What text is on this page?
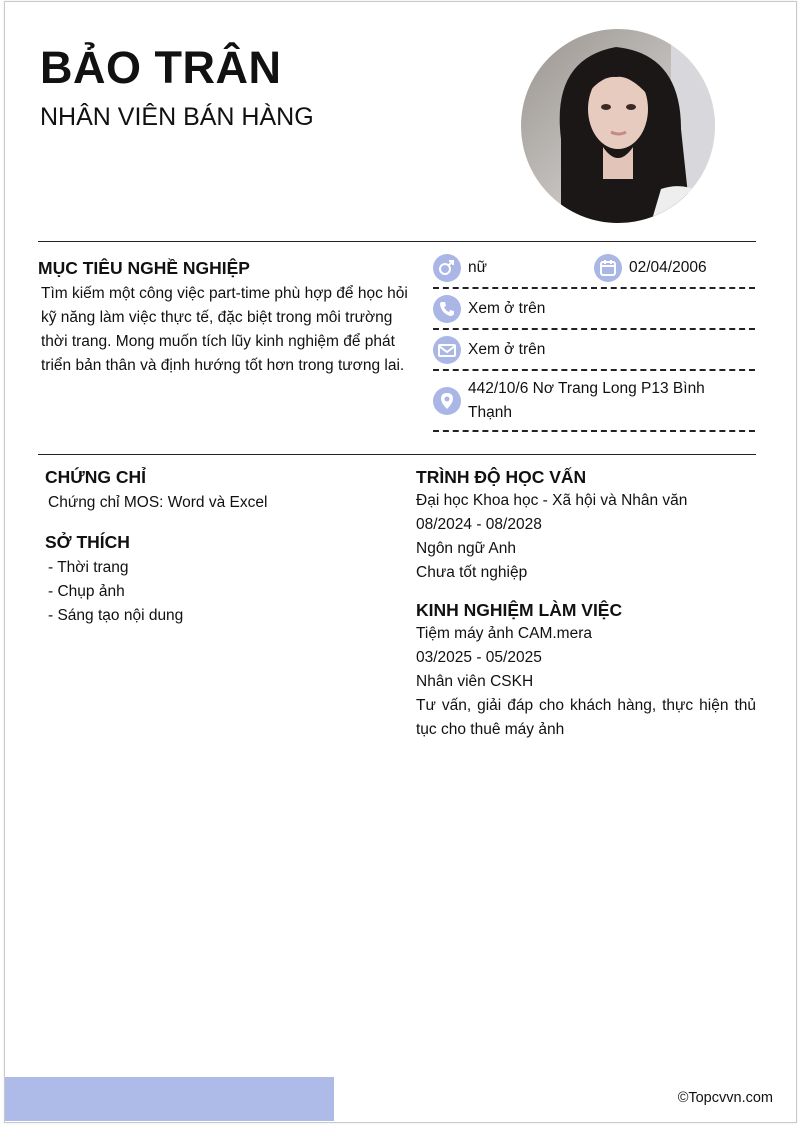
BẢO TRÂN
NHÂN VIÊN BÁN HÀNG
MỤC TIÊU NGHỀ NGHIỆP
Tìm kiếm một công việc part-time phù hợp để học hỏi kỹ năng làm việc thực tế, đặc biệt trong môi trường thời trang. Mong muốn tích lũy kinh nghiệm để phát triển bản thân và định hướng tốt hơn trong tương lai.
nữ	02/04/2006
Xem ở trên
Xem ở trên
442/10/6 Nơ Trang Long P13 Bình Thạnh
CHỨNG CHỈ
Chứng chỉ MOS: Word và Excel
SỞ THÍCH
- Thời trang
- Chụp ảnh
- Sáng tạo nội dung
TRÌNH ĐỘ HỌC VẤN
Đại học Khoa học - Xã hội và Nhân văn
08/2024 - 08/2028
Ngôn ngữ Anh
Chưa tốt nghiệp
KINH NGHIỆM LÀM VIỆC
Tiệm máy ảnh CAM.mera
03/2025 - 05/2025
Nhân viên CSKH
Tư vấn, giải đáp cho khách hàng, thực hiện thủ tục cho thuê máy ảnh
©Topcvvn.com
